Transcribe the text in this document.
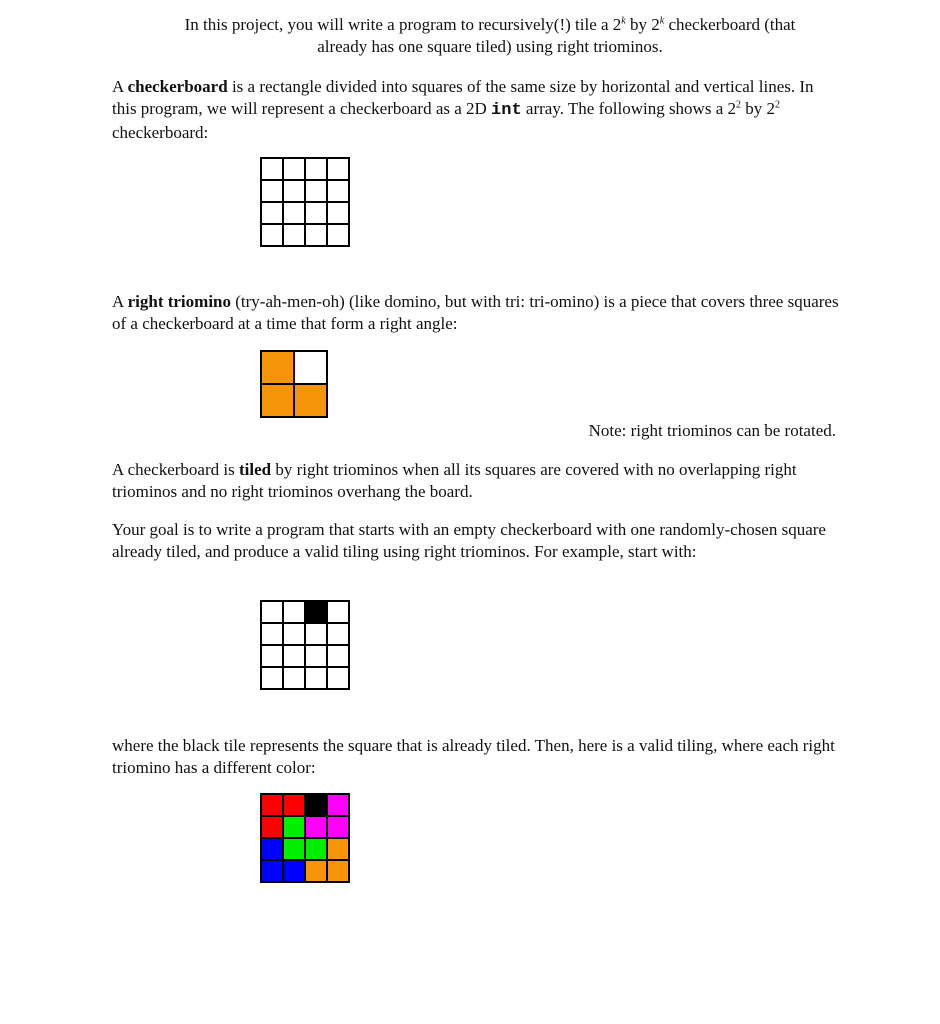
In this project, you will write a program to recursively(!) tile a 2$^k$ by 2$^k$ checkerboard (that
already has one square tiled) using right triominos.
A checkerboard is a rectangle divided into squares of the same size by horizontal and vertical lines. In this program, we will represent a checkerboard as a 2D int array. The following shows a $2^2$ by $2^2$ checkerboard:
A right triomino (try-ah-men-oh) (like domino, but with tri: tri-omino) is a piece that covers three squares of a checkerboard at a time that form a right angle:
Note: right triominos can be rotated.
A checkerboard is tiled by right triominos when all its squares are covered with no overlapping right triominos and no right triominos overhang the board.
Your goal is to write a program that starts with an empty checkerboard with one randomly-chosen square already tiled, and produce a valid tiling using right triominos. For example, start with:
where the black tile represents the square that is already tiled. Then, here is a valid tiling, where each right triomino has a different color:
